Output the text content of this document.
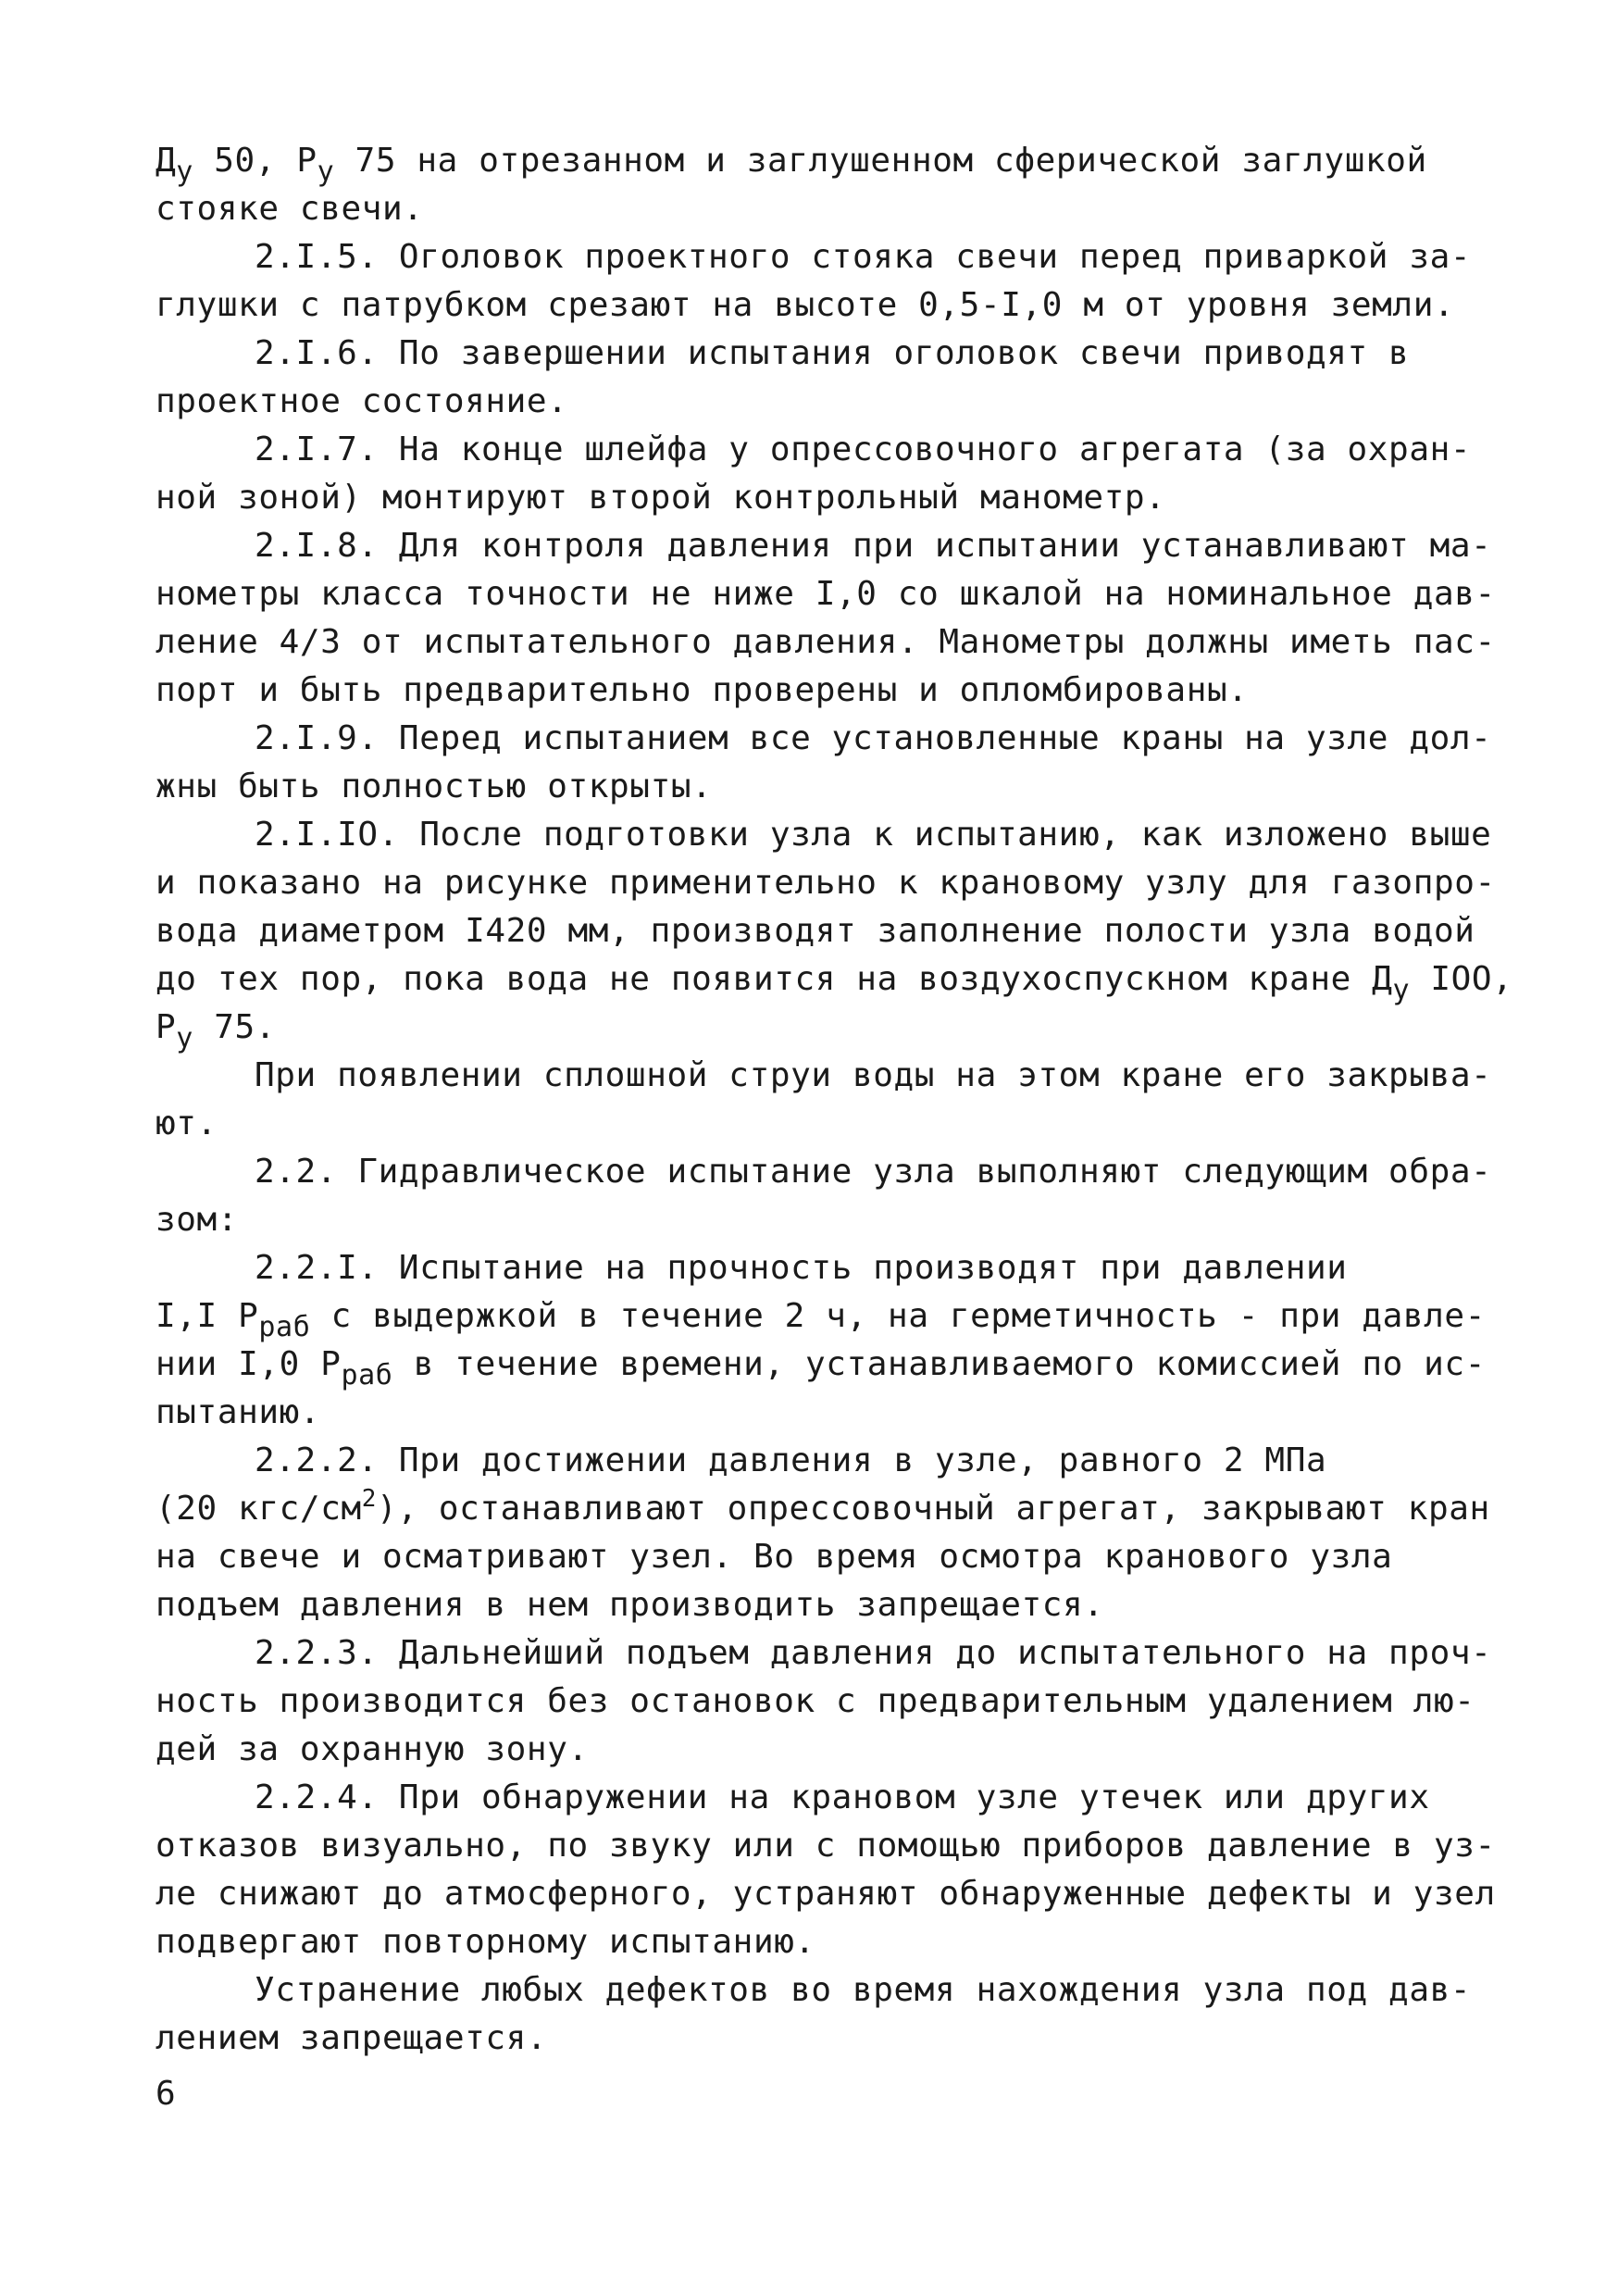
$Д_у$ 50, $Р_у$ 75 на отрезанном и заглушенном сферической заглушкой
стояке свечи.
2.I.5. Оголовок проектного стояка свечи перед приваркой за-
глушки с патрубком срезают на высоте 0,5-I,0 м от уровня земли.
2.I.6. По завершении испытания оголовок свечи приводят в
проектное состояние.
2.I.7. На конце шлейфа у опрессовочного агрегата (за охран-
ной зоной) монтируют второй контрольный манометр.
2.I.8. Для контроля давления при испытании устанавливают ма-
нометры класса точности не ниже I,0 со шкалой на номинальное дав-
ление 4/3 от испытательного давления. Манометры должны иметь пас-
порт и быть предварительно проверены и опломбированы.
2.I.9. Перед испытанием все установленные краны на узле дол-
жны быть полностью открыты.
2.I.IO. После подготовки узла к испытанию, как изложено выше
и показано на рисунке применительно к крановому узлу для газопро-
вода диаметром I420 мм, производят заполнение полости узла водой
до тех пор, пока вода не появится на воздухоспускном кране $Д_у$ IOO,
$Р_у$ 75.
При появлении сплошной струи воды на этом кране его закрыва-
ют.
2.2. Гидравлическое испытание узла выполняют следующим обра-
зом:
2.2.I. Испытание на прочность производят при давлении
I,I $Р_{раб}$ с выдержкой в течение 2 ч, на герметичность - при давле-
нии I,0 $Р_{раб}$ в течение времени, устанавливаемого комиссией по ис-
пытанию.
2.2.2. При достижении давления в узле, равного 2 МПа
(20 кгс/$см^2$), останавливают опрессовочный агрегат, закрывают кран
на свече и осматривают узел. Во время осмотра кранового узла
подъем давления в нем производить запрещается.
2.2.3. Дальнейший подъем давления до испытательного на проч-
ность производится без остановок с предварительным удалением лю-
дей за охранную зону.
2.2.4. При обнаружении на крановом узле утечек или других
отказов визуально, по звуку или с помощью приборов давление в уз-
ле снижают до атмосферного, устраняют обнаруженные дефекты и узел
подвергают повторному испытанию.
Устранение любых дефектов во время нахождения узла под дав-
лением запрещается.
6
